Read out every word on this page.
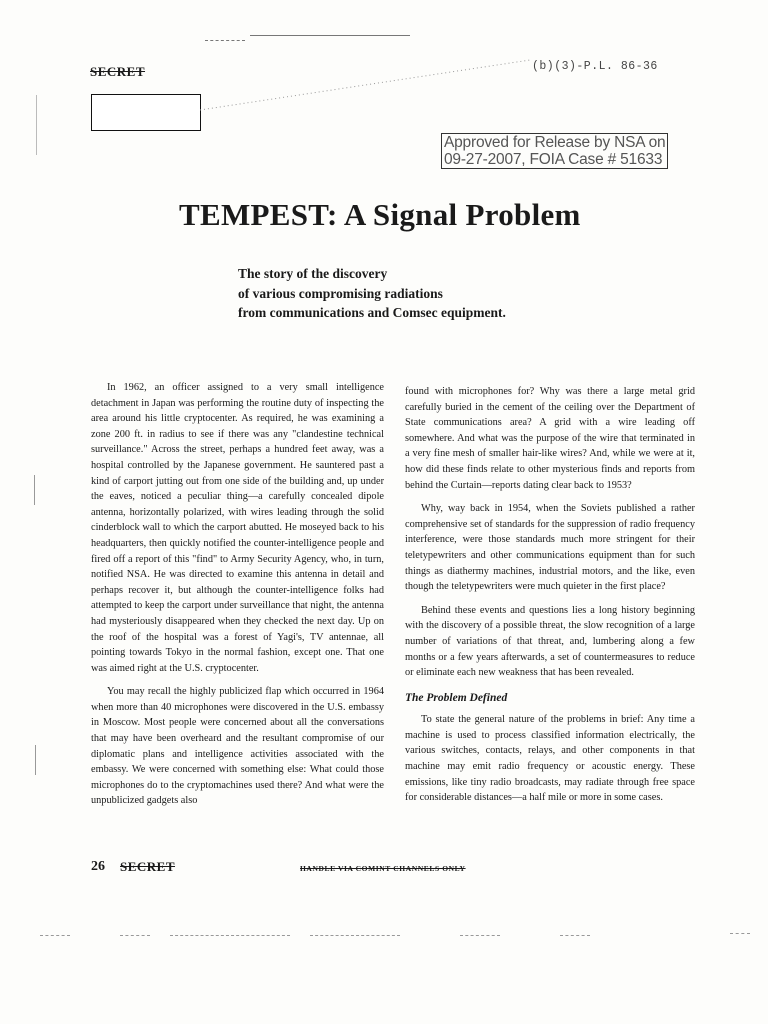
SECRET	(b)(3)-P.L. 86-36
Approved for Release by NSA on
09-27-2007, FOIA Case # 51633
TEMPEST: A Signal Problem
The story of the discovery
of various compromising radiations
from communications and Comsec equipment.

In 1962, an officer assigned to a very small intelligence detachment in Japan was performing the routine duty of inspecting the area around his little cryptocenter. As required, he was examining a zone 200 ft. in radius to see if there was any "clandestine technical surveillance." Across the street, perhaps a hundred feet away, was a hospital controlled by the Japanese government. He sauntered past a kind of carport jutting out from one side of the building and, up under the eaves, noticed a peculiar thing—a carefully concealed dipole antenna, horizontally polarized, with wires leading through the solid cinderblock wall to which the carport abutted. He moseyed back to his headquarters, then quickly notified the counter-intelligence people and fired off a report of this "find" to Army Security Agency, who, in turn, notified NSA. He was directed to examine this antenna in detail and perhaps recover it, but although the counter-intelligence folks had attempted to keep the carport under surveillance that night, the antenna had mysteriously disappeared when they checked the next day. Up on the roof of the hospital was a forest of Yagi's, TV antennae, all pointing towards Tokyo in the normal fashion, except one. That one was aimed right at the U.S. cryptocenter.

You may recall the highly publicized flap which occurred in 1964 when more than 40 microphones were discovered in the U.S. embassy in Moscow. Most people were concerned about all the conversations that may have been overheard and the resultant compromise of our diplomatic plans and intelligence activities associated with the embassy. We were concerned with something else: What could those microphones do to the cryptomachines used there? And what were the unpublicized gadgets also

found with microphones for? Why was there a large metal grid carefully buried in the cement of the ceiling over the Department of State communications area? A grid with a wire leading off somewhere. And what was the purpose of the wire that terminated in a very fine mesh of smaller hair-like wires? And, while we were at it, how did these finds relate to other mysterious finds and reports from behind the Curtain—reports dating clear back to 1953?

Why, way back in 1954, when the Soviets published a rather comprehensive set of standards for the suppression of radio frequency interference, were those standards much more stringent for their teletypewriters and other communications equipment than for such things as diathermy machines, industrial motors, and the like, even though the teletypewriters were much quieter in the first place?

Behind these events and questions lies a long history beginning with the discovery of a possible threat, the slow recognition of a large number of variations of that threat, and, lumbering along a few months or a few years afterwards, a set of countermeasures to reduce or eliminate each new weakness that has been revealed.

The Problem Defined

To state the general nature of the problems in brief: Any time a machine is used to process classified information electrically, the various switches, contacts, relays, and other components in that machine may emit radio frequency or acoustic energy. These emissions, like tiny radio broadcasts, may radiate through free space for considerable distances—a half mile or more in some cases.

26 SECRET	HANDLE VIA COMINT CHANNELS ONLY
